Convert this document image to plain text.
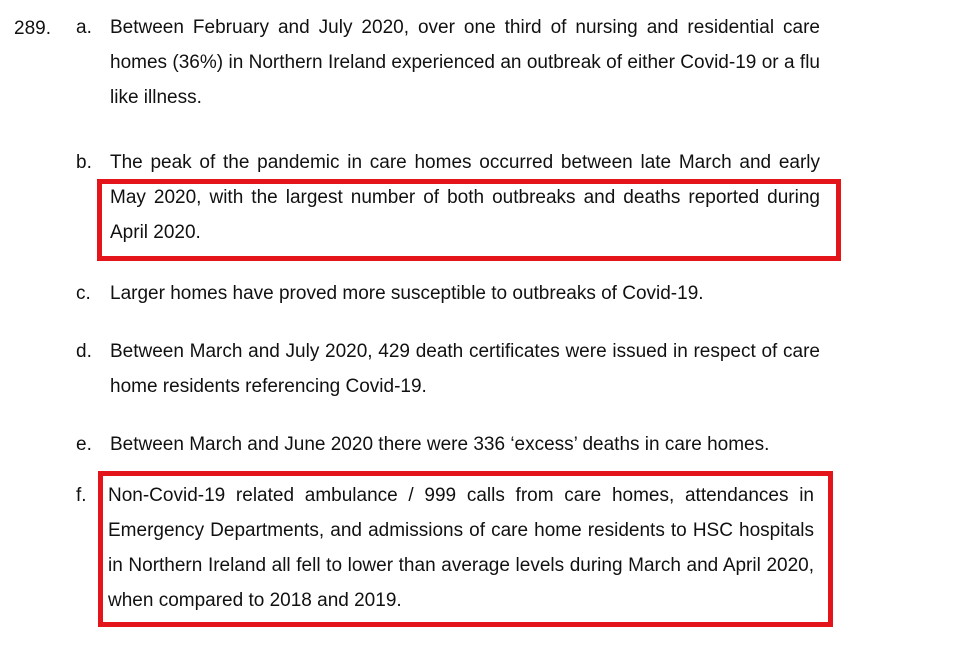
289. a. Between February and July 2020, over one third of nursing and residential care homes (36%) in Northern Ireland experienced an outbreak of either Covid-19 or a flu like illness.
b. The peak of the pandemic in care homes occurred between late March and early May 2020, with the largest number of both outbreaks and deaths reported during April 2020.
c. Larger homes have proved more susceptible to outbreaks of Covid-19.
d. Between March and July 2020, 429 death certificates were issued in respect of care home residents referencing Covid-19.
e. Between March and June 2020 there were 336 ‘excess’ deaths in care homes.
f. Non-Covid-19 related ambulance / 999 calls from care homes, attendances in Emergency Departments, and admissions of care home residents to HSC hospitals in Northern Ireland all fell to lower than average levels during March and April 2020, when compared to 2018 and 2019.
